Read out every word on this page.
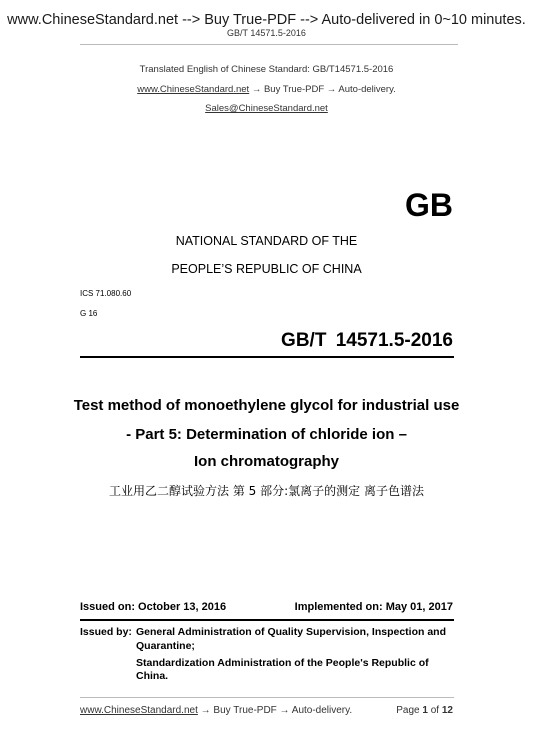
www.ChineseStandard.net --> Buy True-PDF --> Auto-delivered in 0~10 minutes.
GB/T 14571.5-2016
Translated English of Chinese Standard: GB/T14571.5-2016
www.ChineseStandard.net → Buy True-PDF → Auto-delivery.
Sales@ChineseStandard.net
GB
NATIONAL STANDARD OF THE
PEOPLE’S REPUBLIC OF CHINA
ICS 71.080.60
G 16
GB/T 14571.5-2016
Test method of monoethylene glycol for industrial use
- Part 5: Determination of chloride ion –
Ion chromatography
工业用乙二醇试验方法 第 5 部分:氯离子的测定 离子色谱法
Issued on: October 13, 2016	Implemented on: May 01, 2017
Issued by: General Administration of Quality Supervision, Inspection and
Quarantine;
Standardization Administration of the People's Republic of
China.
www.ChineseStandard.net → Buy True-PDF → Auto-delivery.	Page 1 of 12
